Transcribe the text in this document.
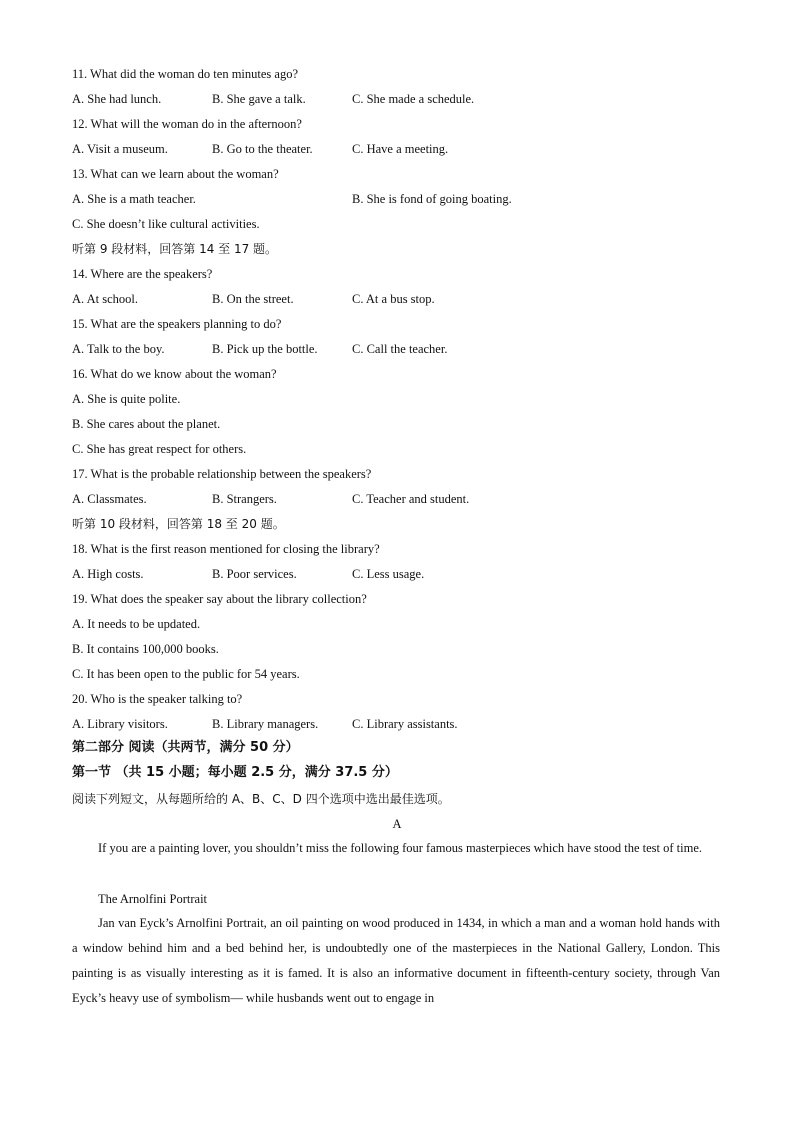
11. What did the woman do ten minutes ago?
A. She had lunch.	B. She gave a talk.	C. She made a schedule.
12. What will the woman do in the afternoon?
A. Visit a museum.	B. Go to the theater.	C. Have a meeting.
13. What can we learn about the woman?
A. She is a math teacher.	B. She is fond of going boating.
C. She doesn’t like cultural activities.
听第 9 段材料，回答第 14 至 17 题。
14. Where are the speakers?
A. At school.	B. On the street.	C. At a bus stop.
15. What are the speakers planning to do?
A. Talk to the boy.	B. Pick up the bottle.	C. Call the teacher.
16. What do we know about the woman?
A. She is quite polite.
B. She cares about the planet.
C. She has great respect for others.
17. What is the probable relationship between the speakers?
A. Classmates.	B. Strangers.	C. Teacher and student.
听第 10 段材料，回答第 18 至 20 题。
18. What is the first reason mentioned for closing the library?
A. High costs.	B. Poor services.	C. Less usage.
19. What does the speaker say about the library collection?
A. It needs to be updated.
B. It contains 100,000 books.
C. It has been open to the public for 54 years.
20. Who is the speaker talking to?
A. Library visitors.	B. Library managers.	C. Library assistants.
第二部分 阅读（共两节，满分 50 分）
第一节 （共 15 小题；每小题 2.5 分，满分 37.5 分）
阅读下列短文，从每题所给的 A、B、C、D 四个选项中选出最佳选项。
A
If you are a painting lover, you shouldn’t miss the following four famous masterpieces which have stood the test of time.
The Arnolfini Portrait
Jan van Eyck’s Arnolfini Portrait, an oil painting on wood produced in 1434, in which a man and a woman hold hands with a window behind him and a bed behind her, is undoubtedly one of the masterpieces in the National Gallery, London. This painting is as visually interesting as it is famed. It is also an informative document in fifteenth-century society, through Van Eyck’s heavy use of symbolism— while husbands went out to engage in
